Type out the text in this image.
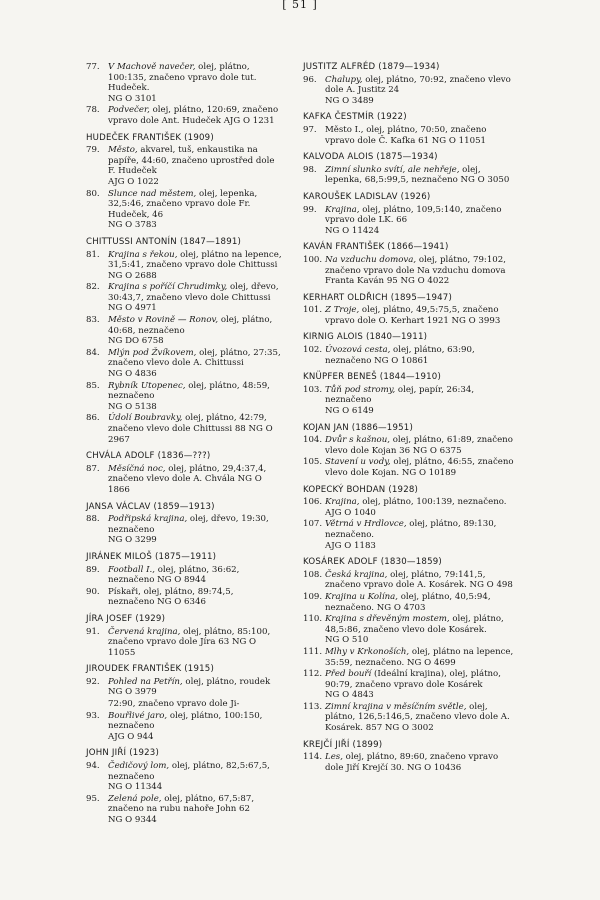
[ 51 ]
77. V Machově navečer, olej, plátno, 100:135, značeno vpravo dole tut. Hudeček.
NG O 3101
78. Podvečer, olej, plátno, 120:69, značeno vpravo dole Ant. Hudeček AJG O 1231
HUDEČEK FRANTIŠEK (1909)
79. Město, akvarel, tuš, enkaustika na papíře, 44:60, značeno uprostřed dole F. Hudeček
AJG O 1022
80. Slunce nad městem, olej, lepenka, 32,5:46, značeno vpravo dole Fr. Hudeček, 46
NG O 3783
CHITTUSSI ANTONÍN (1847—1891)
81. Krajina s řekou, olej, plátno na lepence, 31,5:41, značeno vpravo dole Chittussi
NG O 2688
82. Krajina s poříčí Chrudimky, olej, dřevo, 30:43,7, značeno vlevo dole Chittussi
NG O 4971
83. Město v Rovině — Ronov, olej, plátno, 40:68, neznačeno
NG DO 6758
84. Mlýn pod Žvíkovem, olej, plátno, 27:35, značeno vlevo dole A. Chittussi
NG O 4836
85. Rybník Utopenec, olej, plátno, 48:59, neznačeno
NG O 5138
86. Údolí Boubravky, olej, plátno, 42:79, značeno vlevo dole Chittussi 88 NG O 2967
CHVÁLA ADOLF (1836—???)
87. Měsíčná noc, olej, plátno, 29,4:37,4, značeno vlevo dole A. Chvála NG O 1866
JANSA VÁCLAV (1859—1913)
88. Podřipská krajina, olej, dřevo, 19:30, neznačeno
NG O 3299
JIRÁNEK MILOŠ (1875—1911)
89. Football I., olej, plátno, 36:62, neznačeno NG O 8944
90. Pískaři, olej, plátno, 89:74,5, neznačeno NG O 6346
JÍRA JOSEF (1929)
91. Červená krajina, olej, plátno, 85:100, značeno vpravo dole Jíra 63 NG O 11055
JIROUDEK FRANTIŠEK (1915)
92. Pohled na Petřín, olej, plátno, roudek NG O 3979
72:90, značeno vpravo dole Ji-
93. Bouřlivé jaro, olej, plátno, 100:150, neznačeno
AJG O 944
JOHN JIŘÍ (1923)
94. Čedičový lom, olej, plátno, 82,5:67,5, neznačeno
NG O 11344
95. Zelená pole, olej, plátno, 67,5:87, značeno na rubu nahoře John 62
NG O 9344
JUSTITZ ALFRÉD (1879—1934)
96. Chalupy, olej, plátno, 70:92, značeno vlevo dole A. Justitz 24
NG O 3489
KAFKA ČESTMÍR (1922)
97. Město I., olej, plátno, 70:50, značeno vpravo dole Č. Kafka 61 NG O 11051
KALVODA ALOIS (1875—1934)
98. Zimní slunko svítí, ale nehřeje, olej, lepenka, 68,5:99,5, neznačeno NG O 3050
KAROUŠEK LADISLAV (1926)
99. Krajina, olej, plátno, 109,5:140, značeno vpravo dole LK. 66
NG O 11424
KAVÁN FRANTIŠEK (1866—1941)
100. Na vzduchu domova, olej, plátno, 79:102, značeno vpravo dole Na vzduchu domova Franta Kaván 95 NG O 4022
KERHART OLDŘICH (1895—1947)
101. Z Troje, olej, plátno, 49,5:75,5, značeno vpravo dole O. Kerhart 1921 NG O 3993
KIRNIG ALOIS (1840—1911)
102. Úvozová cesta, olej, plátno, 63:90, neznačeno NG O 10861
KNÜPFER BENEŠ (1844—1910)
103. Tůň pod stromy, olej, papír, 26:34, neznačeno
NG O 6149
KOJAN JAN (1886—1951)
104. Dvůr s kašnou, olej, plátno, 61:89, značeno vlevo dole Kojan 36 NG O 6375
105. Stavení u vody, olej, plátno, 46:55, značeno vlevo dole Kojan. NG O 10189
KOPECKÝ BOHDAN (1928)
106. Krajina, olej, plátno, 100:139, neznačeno. AJG O 1040
107. Větrná v Hrdlovce, olej, plátno, 89:130, neznačeno.
AJG O 1183
KOSÁREK ADOLF (1830—1859)
108. Česká krajina, olej, plátno, 79:141,5, značeno vpravo dole A. Kosárek. NG O 498
109. Krajina u Kolína, olej, plátno, 40,5:94, neznačeno. NG O 4703
110. Krajina s dřevěným mostem, olej, plátno, 48,5:86, značeno vlevo dole Kosárek.
NG O 510
111. Mlhy v Krkonoších, olej, plátno na lepence, 35:59, neznačeno. NG O 4699
112. Před bouří (Ideální krajina), olej, plátno, 90:79, značeno vpravo dole Kosárek
NG O 4843
113. Zimní krajina v měsíčním světle, olej, plátno, 126,5:146,5, značeno vlevo dole A. Kosárek. 857 NG O 3002
KREJČÍ JIŘÍ (1899)
114. Les, olej, plátno, 89:60, značeno vpravo dole Jiří Krejčí 30. NG O 10436
